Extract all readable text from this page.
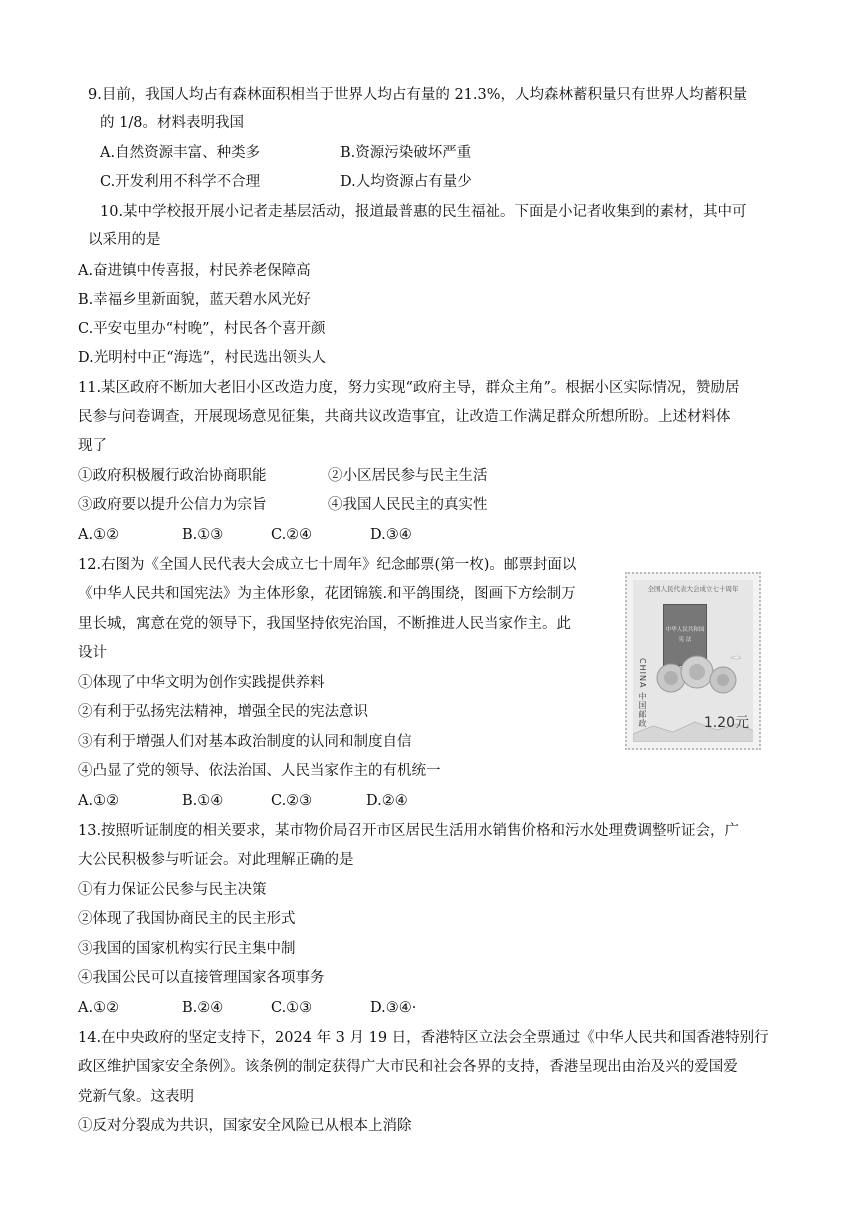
9.目前，我国人均占有森林面积相当于世界人均占有量的 21.3%，人均森林蓄积量只有世界人均蓄积量
的 1/8。材料表明我国
A.自然资源丰富、种类多	B.资源污染破坏严重
C.开发利用不科学不合理	D.人均资源占有量少
10.某中学校报开展小记者走基层活动，报道最普惠的民生福祉。下面是小记者收集到的素材，其中可
以采用的是
A.奋进镇中传喜报，村民养老保障高
B.幸福乡里新面貌，蓝天碧水风光好
C.平安屯里办“村晚”，村民各个喜开颜
D.光明村中正“海选”，村民选出领头人
11.某区政府不断加大老旧小区改造力度，努力实现“政府主导，群众主角”。根据小区实际情况，赞励居
民参与问卷调查，开展现场意见征集，共商共议改造事宜，让改造工作满足群众所想所盼。上述材料体
现了
①政府积极履行政治协商职能	②小区居民参与民主生活
③政府要以提升公信力为宗旨	④我国人民民主的真实性
A.①②	B.①③	C.②④	D.③④
12.右图为《全国人民代表大会成立七十周年》纪念邮票(第一枚)。邮票封面以
《中华人民共和国宪法》为主体形象，花团锦簇.和平鸽围绕，图画下方绘制万
里长城，寓意在党的领导下，我国坚持依宪治国，不断推进人民当家作主。此
设计
①体现了中华文明为创作实践提供养料
②有利于弘扬宪法精神，增强全民的宪法意识
③有利于增强人们对基本政治制度的认同和制度自信
④凸显了党的领导、依法治国、人民当家作主的有机统一
A.①②	B.①④	C.②③	D.②④
全国人民代表大会成立七十周年
中华人民共和国
宪 法
CHINA 中国邮政	1.20元
13.按照听证制度的相关要求，某市物价局召开市区居民生活用水销售价格和污水处理费调整听证会，广
大公民积极参与听证会。对此理解正确的是
①有力保证公民参与民主决策
②体现了我国协商民主的民主形式
③我国的国家机构实行民主集中制
④我国公民可以直接管理国家各项事务
A.①②	B.②④	C.①③	D.③④·
14.在中央政府的坚定支持下，2024 年 3 月 19 日，香港特区立法会全票通过《中华人民共和国香港特别行
政区维护国家安全条例》。该条例的制定获得广大市民和社会各界的支持，香港呈现出由治及兴的爱国爱
党新气象。这表明
①反对分裂成为共识，国家安全风险已从根本上消除
